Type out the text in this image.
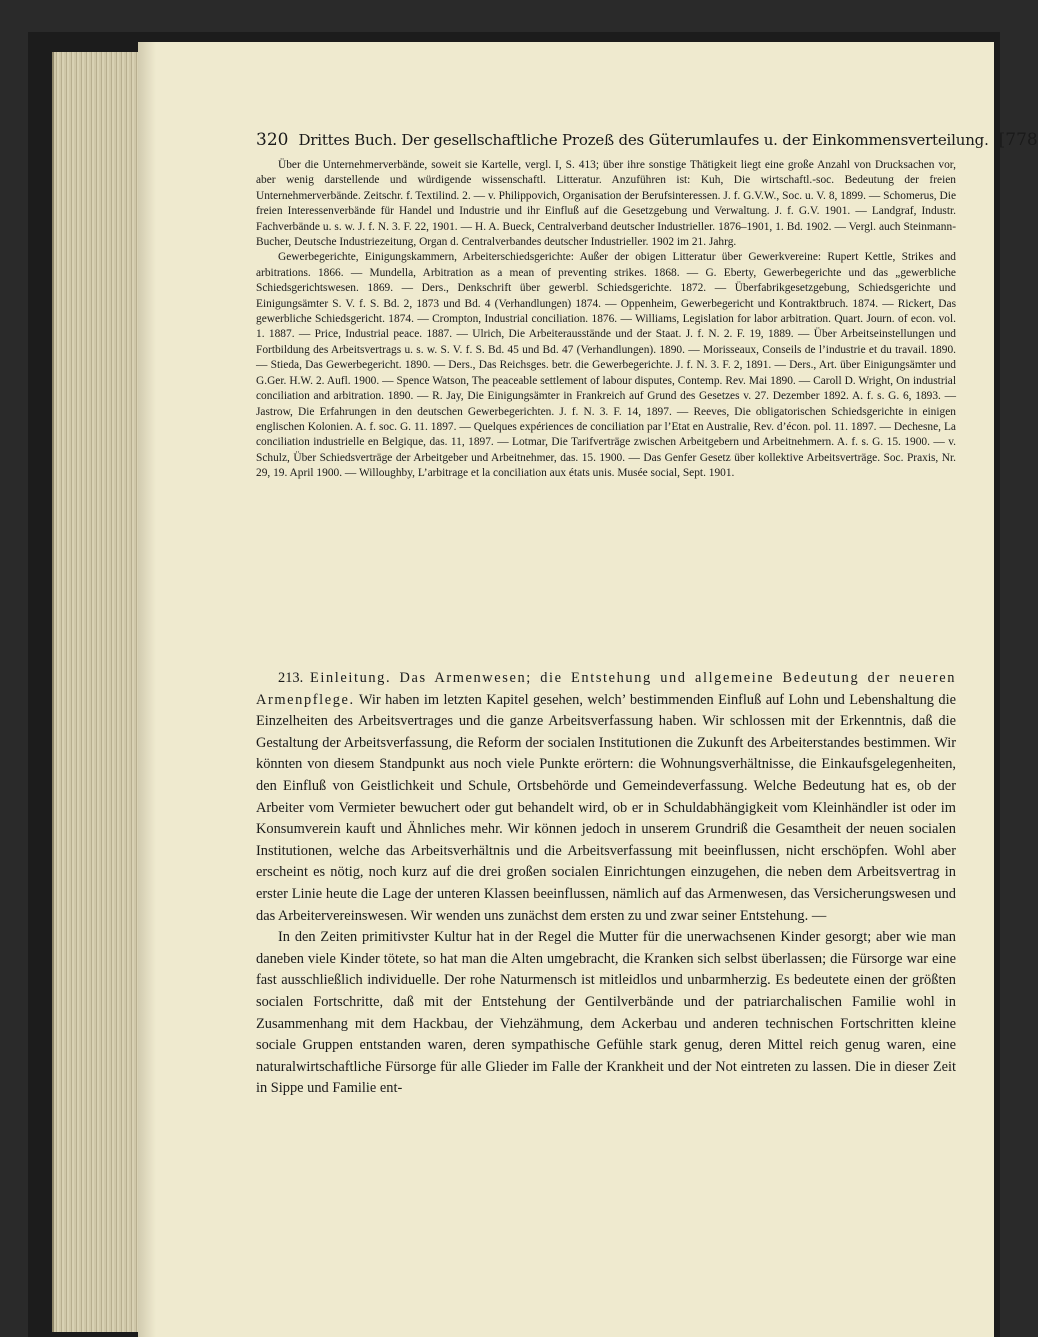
320 Drittes Buch. Der gesellschaftliche Prozeß des Güterumlaufes u. der Einkommensverteilung. [778

Über die Unternehmerverbände, soweit sie Kartelle, vergl. I, S. 413; über ihre sonstige Thätigkeit liegt eine große Anzahl von Drucksachen vor, aber wenig darstellende und würdigende wissenschaftl. Litteratur. Anzuführen ist: Kuh, Die wirtschaftl.-soc. Bedeutung der freien Unternehmerverbände. Zeitschr. f. Textilind. 2. — v. Philippovich, Organisation der Berufsinteressen. J. f. G.V.W., Soc. u. V. 8, 1899. — Schomerus, Die freien Interessenverbände für Handel und Industrie und ihr Einfluß auf die Gesetzgebung und Verwaltung. J. f. G.V. 1901. — Landgraf, Industr. Fachverbände u. s. w. J. f. N. 3. F. 22, 1901. — H. A. Bueck, Centralverband deutscher Industrieller. 1876–1901, 1. Bd. 1902. — Vergl. auch Steinmann-Bucher, Deutsche Industriezeitung, Organ d. Centralverbandes deutscher Industrieller. 1902 im 21. Jahrg.

Gewerbegerichte, Einigungskammern, Arbeiterschiedsgerichte: Außer der obigen Litteratur über Gewerkvereine: Rupert Kettle, Strikes and arbitrations. 1866. — Mundella, Arbitration as a mean of preventing strikes. 1868. — G. Eberty, Gewerbegerichte und das „gewerbliche Schiedsgerichtswesen. 1869. — Ders., Denkschrift über gewerbl. Schiedsgerichte. 1872. — Überfabrikgesetzgebung, Schiedsgerichte und Einigungsämter S. V. f. S. Bd. 2, 1873 und Bd. 4 (Verhandlungen) 1874. — Oppenheim, Gewerbegericht und Kontraktbruch. 1874. — Rickert, Das gewerbliche Schiedsgericht. 1874. — Crompton, Industrial conciliation. 1876. — Williams, Legislation for labor arbitration. Quart. Journ. of econ. vol. 1. 1887. — Price, Industrial peace. 1887. — Ulrich, Die Arbeiterausstände und der Staat. J. f. N. 2. F. 19, 1889. — Über Arbeitseinstellungen und Fortbildung des Arbeitsvertrags u. s. w. S. V. f. S. Bd. 45 und Bd. 47 (Verhandlungen). 1890. — Morisseaux, Conseils de l’industrie et du travail. 1890. — Stieda, Das Gewerbegericht. 1890. — Ders., Das Reichsges. betr. die Gewerbegerichte. J. f. N. 3. F. 2, 1891. — Ders., Art. über Einigungsämter und G.Ger. H.W. 2. Aufl. 1900. — Spence Watson, The peaceable settlement of labour disputes, Contemp. Rev. Mai 1890. — Caroll D. Wright, On industrial conciliation and arbitration. 1890. — R. Jay, Die Einigungsämter in Frankreich auf Grund des Gesetzes v. 27. Dezember 1892. A. f. s. G. 6, 1893. — Jastrow, Die Erfahrungen in den deutschen Gewerbegerichten. J. f. N. 3. F. 14, 1897. — Reeves, Die obligatorischen Schiedsgerichte in einigen englischen Kolonien. A. f. soc. G. 11. 1897. — Quelques expériences de conciliation par l’Etat en Australie, Rev. d’écon. pol. 11. 1897. — Dechesne, La conciliation industrielle en Belgique, das. 11, 1897. — Lotmar, Die Tarifverträge zwischen Arbeitgebern und Arbeitnehmern. A. f. s. G. 15. 1900. — v. Schulz, Über Schiedsverträge der Arbeitgeber und Arbeitnehmer, das. 15. 1900. — Das Genfer Gesetz über kollektive Arbeitsverträge. Soc. Praxis, Nr. 29, 19. April 1900. — Willoughby, L’arbitrage et la conciliation aux états unis. Musée social, Sept. 1901.

213. Einleitung. Das Armenwesen; die Entstehung und allgemeine Bedeutung der neueren Armenpflege. Wir haben im letzten Kapitel gesehen, welch’ bestimmenden Einfluß auf Lohn und Lebenshaltung die Einzelheiten des Arbeitsvertrages und die ganze Arbeitsverfassung haben. Wir schlossen mit der Erkenntnis, daß die Gestaltung der Arbeitsverfassung, die Reform der socialen Institutionen die Zukunft des Arbeiterstandes bestimmen. Wir könnten von diesem Standpunkt aus noch viele Punkte erörtern: die Wohnungsverhältnisse, die Einkaufsgelegenheiten, den Einfluß von Geistlichkeit und Schule, Ortsbehörde und Gemeindeverfassung. Welche Bedeutung hat es, ob der Arbeiter vom Vermieter bewuchert oder gut behandelt wird, ob er in Schuldabhängigkeit vom Kleinhändler ist oder im Konsumverein kauft und Ähnliches mehr. Wir können jedoch in unserem Grundriß die Gesamtheit der neuen socialen Institutionen, welche das Arbeitsverhältnis und die Arbeitsverfassung mit beeinflussen, nicht erschöpfen. Wohl aber erscheint es nötig, noch kurz auf die drei großen socialen Einrichtungen einzugehen, die neben dem Arbeitsvertrag in erster Linie heute die Lage der unteren Klassen beeinflussen, nämlich auf das Armenwesen, das Versicherungswesen und das Arbeitervereinswesen. Wir wenden uns zunächst dem ersten zu und zwar seiner Entstehung. —

In den Zeiten primitivster Kultur hat in der Regel die Mutter für die unerwachsenen Kinder gesorgt; aber wie man daneben viele Kinder tötete, so hat man die Alten umgebracht, die Kranken sich selbst überlassen; die Fürsorge war eine fast ausschließlich individuelle. Der rohe Naturmensch ist mitleidlos und unbarmherzig. Es bedeutete einen der größten socialen Fortschritte, daß mit der Entstehung der Gentilverbände und der patriarchalischen Familie wohl in Zusammenhang mit dem Hackbau, der Viehzähmung, dem Ackerbau und anderen technischen Fortschritten kleine sociale Gruppen entstanden waren, deren sympathische Gefühle stark genug, deren Mittel reich genug waren, eine naturalwirtschaftliche Fürsorge für alle Glieder im Falle der Krankheit und der Not eintreten zu lassen. Die in dieser Zeit in Sippe und Familie ent-
